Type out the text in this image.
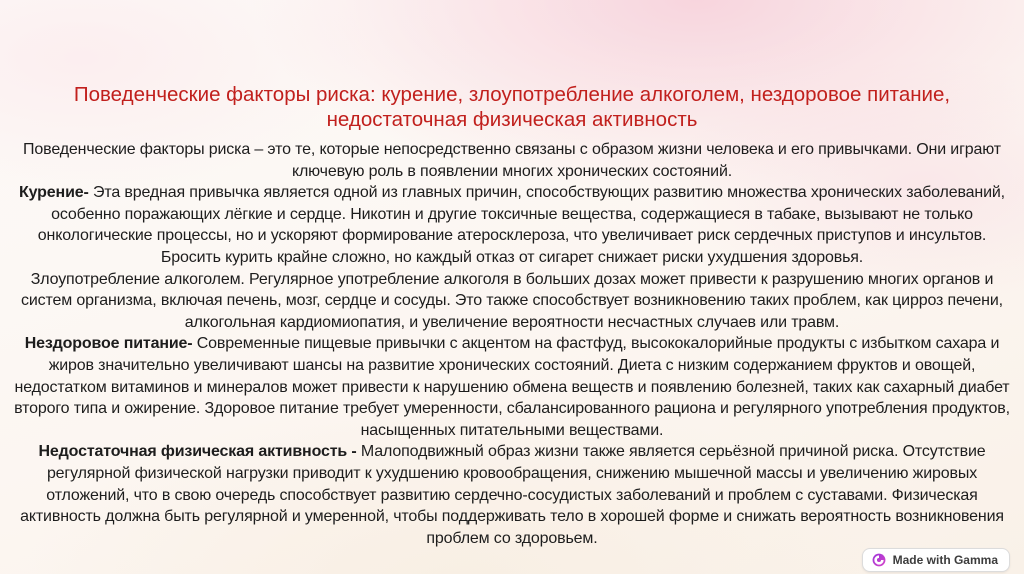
Поведенческие факторы риска: курение, злоупотребление алкоголем, нездоровое питание, недостаточная физическая активность

Поведенческие факторы риска – это те, которые непосредственно связаны с образом жизни человека и его привычками. Они играют ключевую роль в появлении многих хронических состояний.

Курение- Эта вредная привычка является одной из главных причин, способствующих развитию множества хронических заболеваний, особенно поражающих лёгкие и сердце. Никотин и другие токсичные вещества, содержащиеся в табаке, вызывают не только онкологические процессы, но и ускоряют формирование атеросклероза, что увеличивает риск сердечных приступов и инсультов. Бросить курить крайне сложно, но каждый отказ от сигарет снижает риски ухудшения здоровья.

Злоупотребление алкоголем. Регулярное употребление алкоголя в больших дозах может привести к разрушению многих органов и систем организма, включая печень, мозг, сердце и сосуды. Это также способствует возникновению таких проблем, как цирроз печени, алкогольная кардиомиопатия, и увеличение вероятности несчастных случаев или травм.

Нездоровое питание- Современные пищевые привычки с акцентом на фастфуд, высококалорийные продукты с избытком сахара и жиров значительно увеличивают шансы на развитие хронических состояний. Диета с низким содержанием фруктов и овощей, недостатком витаминов и минералов может привести к нарушению обмена веществ и появлению болезней, таких как сахарный диабет второго типа и ожирение. Здоровое питание требует умеренности, сбалансированного рациона и регулярного употребления продуктов, насыщенных питательными веществами.

Недостаточная физическая активность - Малоподвижный образ жизни также является серьёзной причиной риска. Отсутствие регулярной физической нагрузки приводит к ухудшению кровообращения, снижению мышечной массы и увеличению жировых отложений, что в свою очередь способствует развитию сердечно-сосудистых заболеваний и проблем с суставами. Физическая активность должна быть регулярной и умеренной, чтобы поддерживать тело в хорошей форме и снижать вероятность возникновения проблем со здоровьем.

Made with Gamma
